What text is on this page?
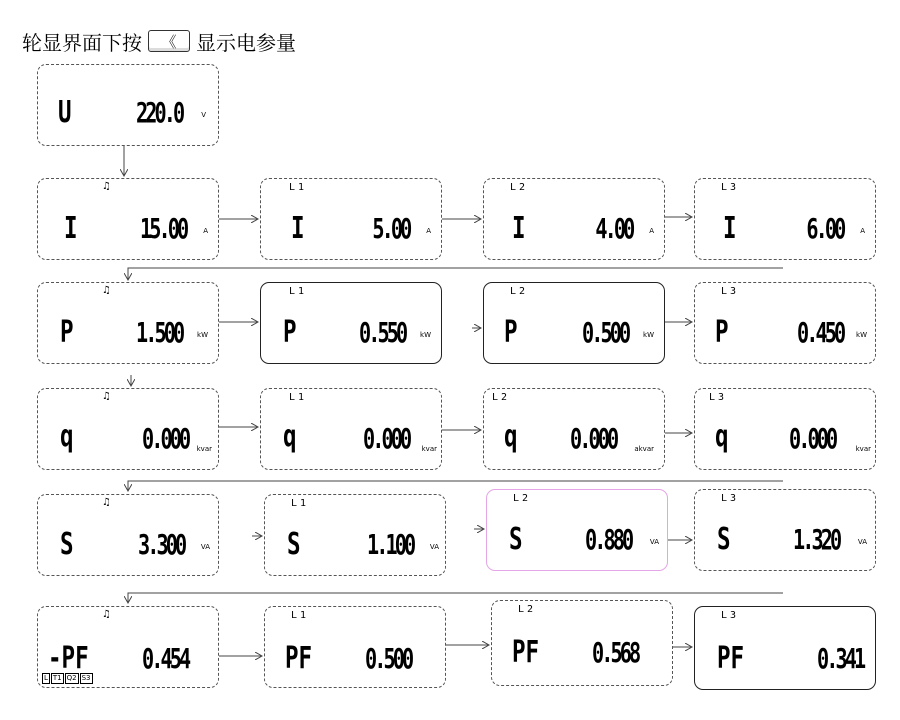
轮显界面下按	《 显示电参量
U 220.0	V
♫
I 15.00 A
L1
I 5.00 A
L2
I 4.00 A
L3
I 6.00 A
♫
P 1.500 kW
L1
P 0.550 kW
L2
P 0.500 kW
L3
P 0.450 kW
♫
q 0.000 kvar
L1
q 0.000 kvar
L2
q 0.000	akvar
L3
q 0.000	kvar
♫
S 3.300 VA
L1
S 1.100 VA
L2
S 0.880	VA
L3
S 1.320	VA
♫
-PF 0.454
L1
PF 0.500
L2
PF 0.568
L3
PF	0.341
L T1 Q2 S3
